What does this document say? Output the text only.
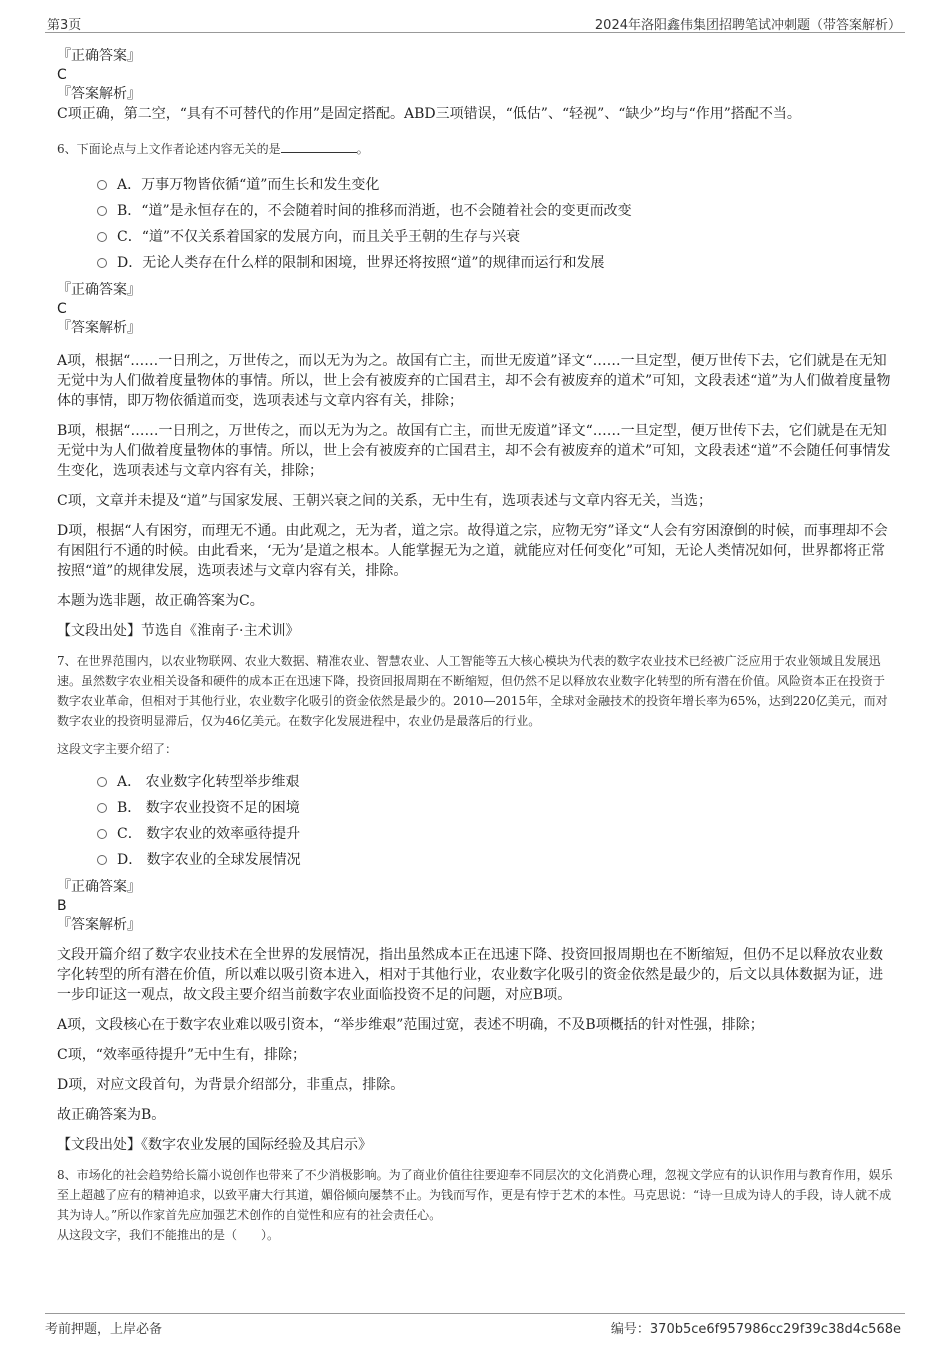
第3页	2024年洛阳鑫伟集团招聘笔试冲刺题（带答案解析）
『正确答案』
C
『答案解析』

C项正确，第二空，“具有不可替代的作用”是固定搭配。ABD三项错误，“低估”、“轻视”、“缺少”均与“作用”搭配不当。

6、下面论点与上文作者论述内容无关的是	。
A．万事万物皆依循“道”而生长和发生变化
B．“道”是永恒存在的，不会随着时间的推移而消逝，也不会随着社会的变更而改变
C．“道”不仅关系着国家的发展方向，而且关乎王朝的生存与兴衰
D．无论人类存在什么样的限制和困境，世界还将按照“道”的规律而运行和发展
『正确答案』
C
『答案解析』

A项，根据“……一日刑之，万世传之，而以无为为之。故国有亡主，而世无废道”译文“……一旦定型，便万世传下去，它们就是在无知无觉中为人们做着度量物体的事情。所以，世上会有被废弃的亡国君主，却不会有被废弃的道术”可知，文段表述“道”为人们做着度量物体的事情，即万物依循道而变，选项表述与文章内容有关，排除；

B项，根据“……一日刑之，万世传之，而以无为为之。故国有亡主，而世无废道”译文“……一旦定型，便万世传下去，它们就是在无知无觉中为人们做着度量物体的事情。所以，世上会有被废弃的亡国君主，却不会有被废弃的道术”可知，文段表述“道”不会随任何事情发生变化，选项表述与文章内容有关，排除；

C项，文章并未提及“道”与国家发展、王朝兴衰之间的关系，无中生有，选项表述与文章内容无关，当选；

D项，根据“人有困穷，而理无不通。由此观之，无为者，道之宗。故得道之宗，应物无穷”译文“人会有穷困潦倒的时候，而事理却不会有困阻行不通的时候。由此看来，‘无为’是道之根本。人能掌握无为之道，就能应对任何变化”可知，无论人类情况如何，世界都将正常按照“道”的规律发展，选项表述与文章内容有关，排除。

本题为选非题，故正确答案为C。

【文段出处】节选自《淮南子·主术训》
7、在世界范围内，以农业物联网、农业大数据、精准农业、智慧农业、人工智能等五大核心模块为代表的数字农业技术已经被广泛应用于农业领域且发展迅速。虽然数字农业相关设备和硬件的成本正在迅速下降，投资回报周期在不断缩短，但仍然不足以释放农业数字化转型的所有潜在价值。风险资本正在投资于数字农业革命，但相对于其他行业，农业数字化吸引的资金依然是最少的。2010—2015年，全球对金融技术的投资年增长率为65%，达到220亿美元，而对数字农业的投资明显滞后，仅为46亿美元。在数字化发展进程中，农业仍是最落后的行业。
这段文字主要介绍了：
A． 农业数字化转型举步维艰
B． 数字农业投资不足的困境
C． 数字农业的效率亟待提升
D． 数字农业的全球发展情况
『正确答案』
B
『答案解析』

文段开篇介绍了数字农业技术在全世界的发展情况，指出虽然成本正在迅速下降、投资回报周期也在不断缩短，但仍不足以释放农业数字化转型的所有潜在价值，所以难以吸引资本进入，相对于其他行业，农业数字化吸引的资金依然是最少的，后文以具体数据为证，进一步印证这一观点，故文段主要介绍当前数字农业面临投资不足的问题，对应B项。

A项，文段核心在于数字农业难以吸引资本，“举步维艰”范围过宽，表述不明确，不及B项概括的针对性强，排除；

C项，“效率亟待提升”无中生有，排除；

D项，对应文段首句，为背景介绍部分，非重点，排除。

故正确答案为B。

【文段出处】《数字农业发展的国际经验及其启示》
8、市场化的社会趋势给长篇小说创作也带来了不少消极影响。为了商业价值往往要迎奉不同层次的文化消费心理，忽视文学应有的认识作用与教育作用，娱乐至上超越了应有的精神追求，以致平庸大行其道，媚俗倾向屡禁不止。为钱而写作，更是有悖于艺术的本性。马克思说：“诗一旦成为诗人的手段，诗人就不成其为诗人。”所以作家首先应加强艺术创作的自觉性和应有的社会责任心。
从这段文字，我们不能推出的是（　　）。
考前押题，上岸必备	编号：370b5ce6f957986cc29f39c38d4c568e
